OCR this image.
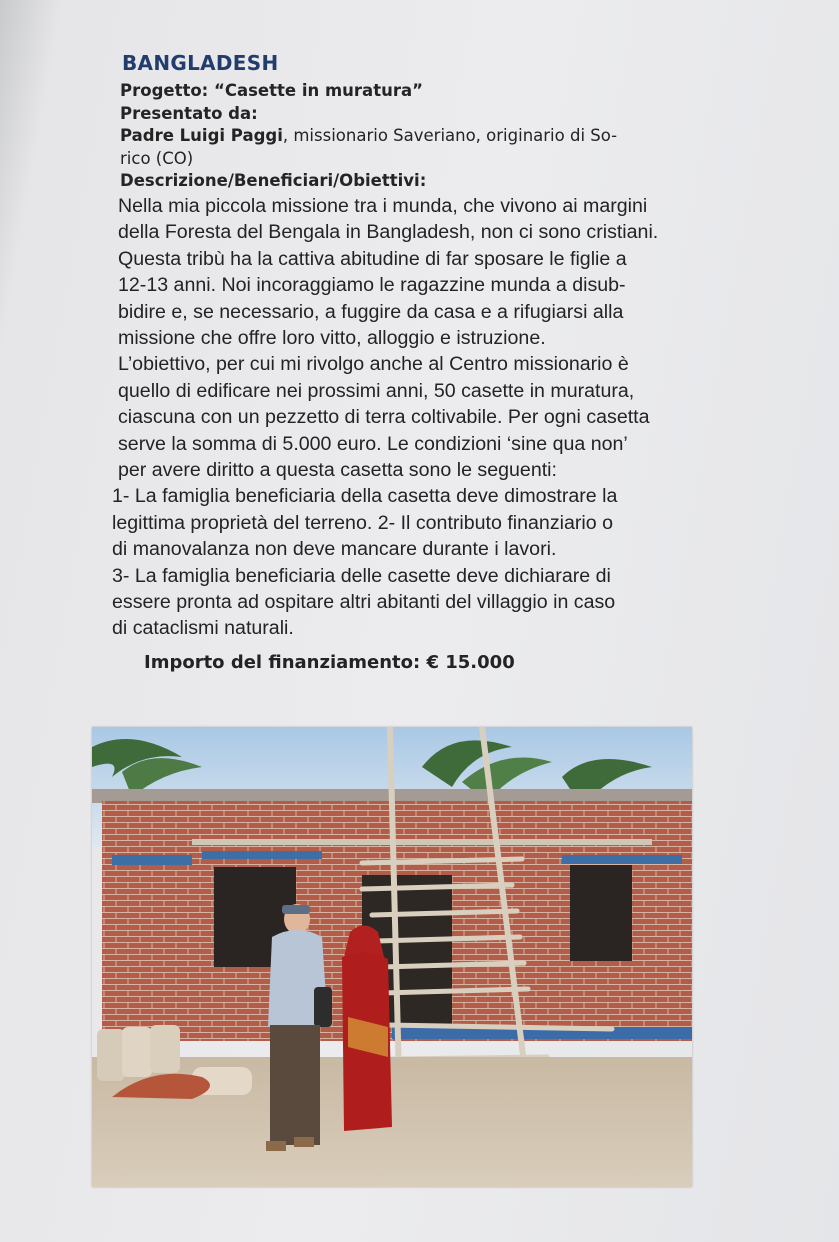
BANGLADESH
Progetto: “Casette in muratura”
Presentato da:
Padre Luigi Paggi, missionario Saveriano, originario di So-
rico (CO)
Descrizione/Beneficiari/Obiettivi:

Nella mia piccola missione tra i munda, che vivono ai margini

della Foresta del Bengala in Bangladesh, non ci sono cristiani.

Questa tribù ha la cattiva abitudine di far sposare le figlie a

12-13 anni. Noi incoraggiamo le ragazzine munda a disub-

bidire e, se necessario, a fuggire da casa e a rifugiarsi alla

missione che offre loro vitto, alloggio e istruzione.

L’obiettivo, per cui mi rivolgo anche al Centro missionario è

quello di edificare nei prossimi anni, 50 casette in muratura,

ciascuna con un pezzetto di terra coltivabile. Per ogni casetta

serve la somma di 5.000 euro. Le condizioni ‘sine qua non’

per avere diritto a questa casetta sono le seguenti:

1- La famiglia beneficiaria della casetta deve dimostrare la

legittima proprietà del terreno. 2- Il contributo finanziario o

di manovalanza non deve mancare durante i lavori.

3- La famiglia beneficiaria delle casette deve dichiarare di

essere pronta ad ospitare altri abitanti del villaggio in caso

di cataclismi naturali.

Importo del finanziamento: € 15.000
